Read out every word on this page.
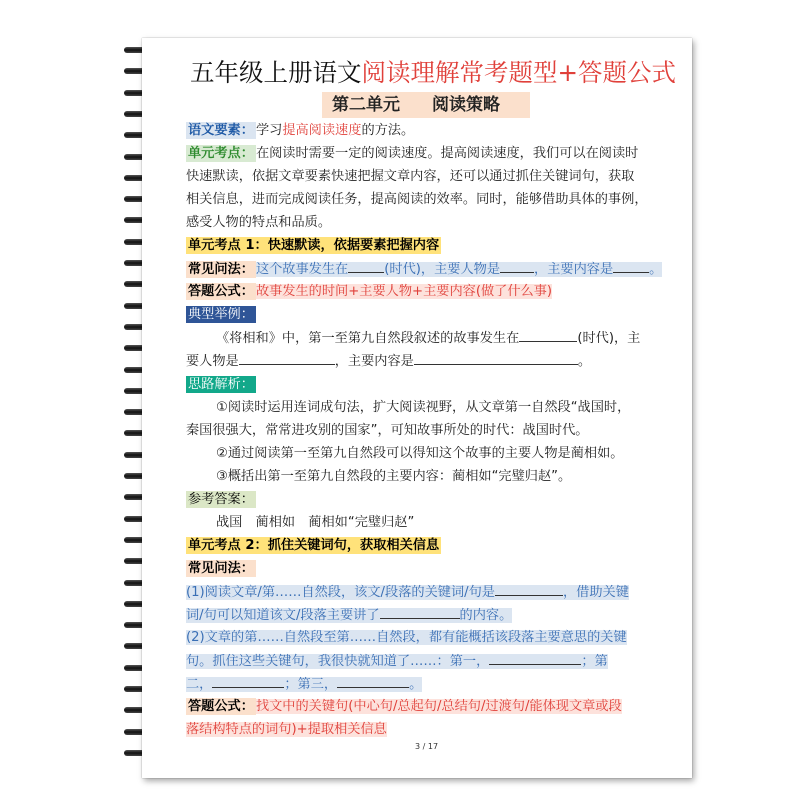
五年级上册语文阅读理解常考题型+答题公式
第二单元 阅读策略
语文要素： 学习提高阅读速度的方法。
单元考点： 在阅读时需要一定的阅读速度。提高阅读速度，我们可以在阅读时
快速默读，依据文章要素快速把握文章内容，还可以通过抓住关键词句，获取
相关信息，进而完成阅读任务，提高阅读的效率。同时，能够借助具体的事例，
感受人物的特点和品质。
单元考点 1：快速默读，依据要素把握内容
常见问法： 这个故事发生在	(时代)，主要人物是	，主要内容是	。
答题公式： 故事发生的时间+主要人物+主要内容(做了什么事)
典型举例：
《将相和》中，第一至第九自然段叙述的故事发生在	(时代)，主
要人物是	，主要内容是	。
思路解析：
①阅读时运用连词成句法，扩大阅读视野，从文章第一自然段“战国时，
秦国很强大，常常进攻别的国家”，可知故事所处的时代：战国时代。
②通过阅读第一至第九自然段可以得知这个故事的主要人物是蔺相如。
③概括出第一至第九自然段的主要内容：蔺相如“完璧归赵”。
参考答案：
战国　蔺相如　蔺相如“完璧归赵”
单元考点 2：抓住关键词句，获取相关信息
常见问法：
(1)阅读文章/第……自然段，该文/段落的关键词/句是	，借助关键
词/句可以知道该文/段落主要讲了	的内容。
(2)文章的第……自然段至第……自然段，都有能概括该段落主要意思的关键
句。抓住这些关键句，我很快就知道了……：第一，	；第
二，	；第三，	。
答题公式： 找文中的关键句(中心句/总起句/总结句/过渡句/能体现文章或段
落结构特点的词句)+提取相关信息
3 / 17
